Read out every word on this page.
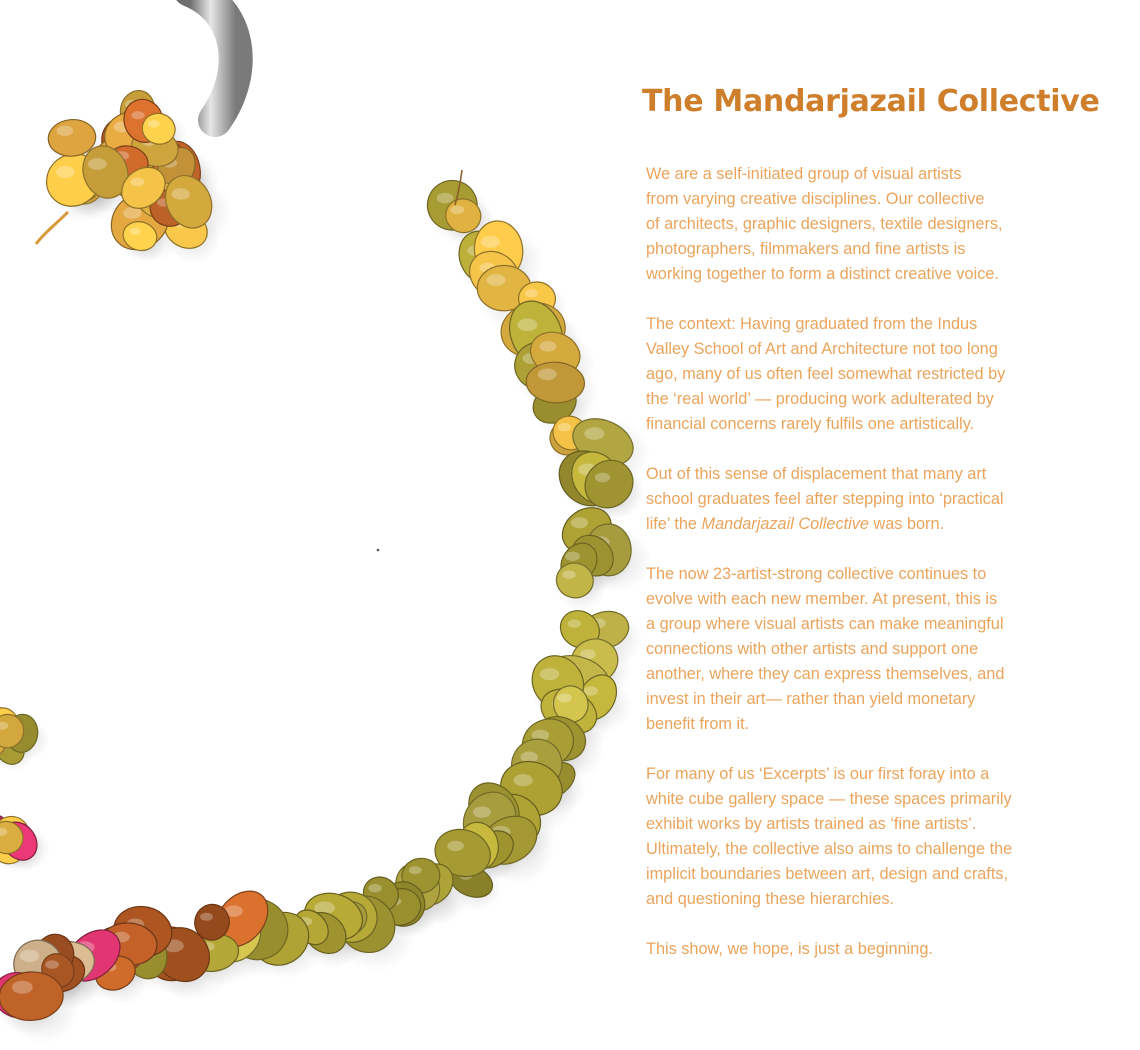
The Mandarjazail Collective

We are a self-initiated group of visual artists
from varying creative disciplines. Our collective
of architects, graphic designers, textile designers,
photographers, filmmakers and fine artists is
working together to form a distinct creative voice.

The context: Having graduated from the Indus
Valley School of Art and Architecture not too long
ago, many of us often feel somewhat restricted by
the ‘real world’ — producing work adulterated by
financial concerns rarely fulfils one artistically.

Out of this sense of displacement that many art
school graduates feel after stepping into ‘practical
life’ the Mandarjazail Collective was born.

The now 23-artist-strong collective continues to
evolve with each new member. At present, this is
a group where visual artists can make meaningful
connections with other artists and support one
another, where they can express themselves, and
invest in their art— rather than yield monetary
benefit from it.

For many of us ‘Excerpts’ is our first foray into a
white cube gallery space — these spaces primarily
exhibit works by artists trained as ‘fine artists’.
Ultimately, the collective also aims to challenge the
implicit boundaries between art, design and crafts,
and questioning these hierarchies.

This show, we hope, is just a beginning.
